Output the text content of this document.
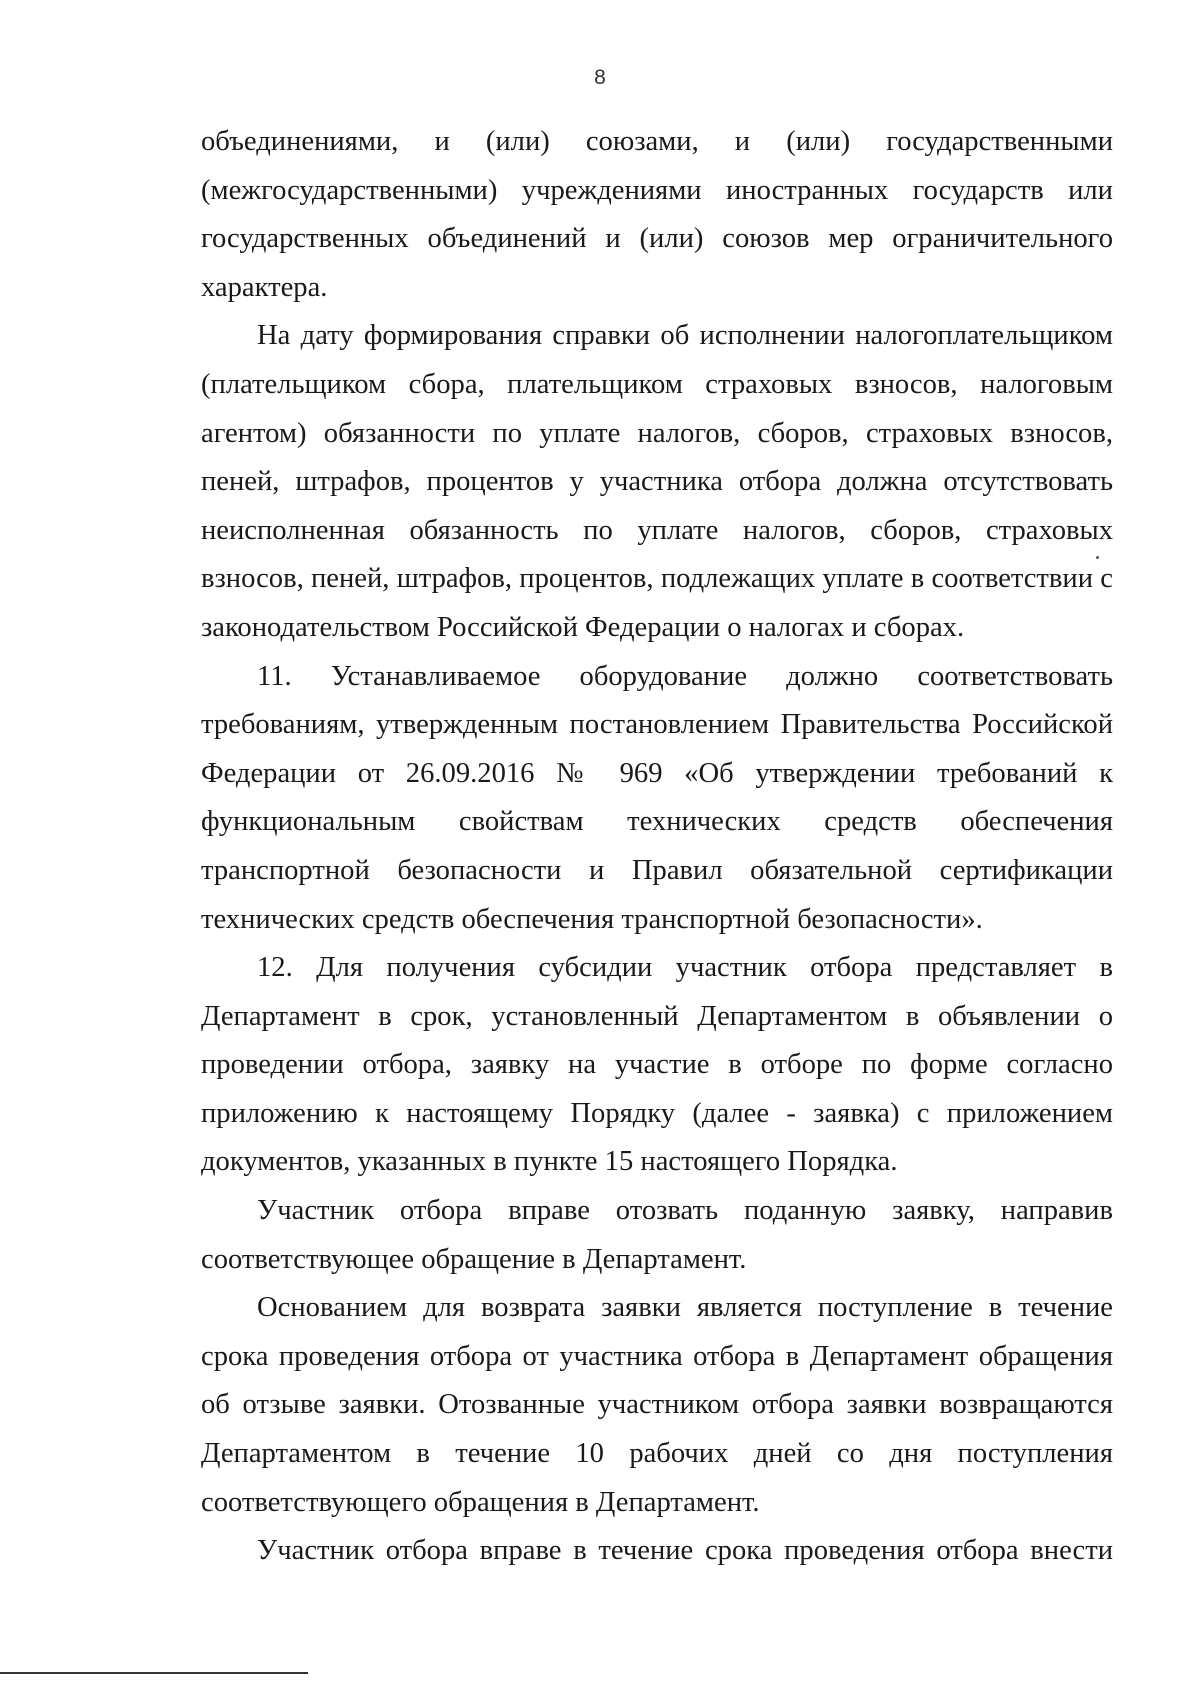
8

объединениями, и (или) союзами, и (или) государственными (межгосударственными) учреждениями иностранных государств или государственных объединений и (или) союзов мер ограничительного характера.

На дату формирования справки об исполнении налогоплательщиком (плательщиком сбора, плательщиком страховых взносов, налоговым агентом) обязанности по уплате налогов, сборов, страховых взносов, пеней, штрафов, процентов у участника отбора должна отсутствовать неисполненная обязанность по уплате налогов, сборов, страховых взносов, пеней, штрафов, процентов, подлежащих уплате в соответствии с законодательством Российской Федерации о налогах и сборах.

11. Устанавливаемое оборудование должно соответствовать требованиям, утвержденным постановлением Правительства Российской Федерации от 26.09.2016 № 969 «Об утверждении требований к функциональным свойствам технических средств обеспечения транспортной безопасности и Правил обязательной сертификации технических средств обеспечения транспортной безопасности».

12. Для получения субсидии участник отбора представляет в Департамент в срок, установленный Департаментом в объявлении о проведении отбора, заявку на участие в отборе по форме согласно приложению к настоящему Порядку (далее - заявка) с приложением документов, указанных в пункте 15 настоящего Порядка.

Участник отбора вправе отозвать поданную заявку, направив соответствующее обращение в Департамент.

Основанием для возврата заявки является поступление в течение срока проведения отбора от участника отбора в Департамент обращения об отзыве заявки. Отозванные участником отбора заявки возвращаются Департаментом в течение 10 рабочих дней со дня поступления соответствующего обращения в Департамент.

Участник отбора вправе в течение срока проведения отбора внести
